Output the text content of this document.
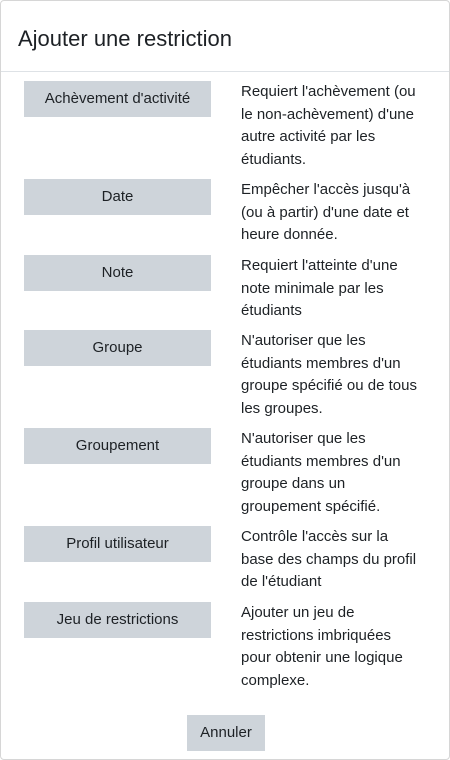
Ajouter une restriction
Achèvement d'activité	Requiert l'achèvement (ou
le non-achèvement) d'une
autre activité par les
étudiants.
Date	Empêcher l'accès jusqu'à
(ou à partir) d'une date et
heure donnée.
Note	Requiert l'atteinte d'une
note minimale par les
étudiants
Groupe	N'autoriser que les
étudiants membres d'un
groupe spécifié ou de tous
les groupes.
Groupement	N'autoriser que les
étudiants membres d'un
groupe dans un
groupement spécifié.
Profil utilisateur	Contrôle l'accès sur la
base des champs du profil
de l'étudiant
Jeu de restrictions	Ajouter un jeu de
restrictions imbriquées
pour obtenir une logique
complexe.
Annuler
